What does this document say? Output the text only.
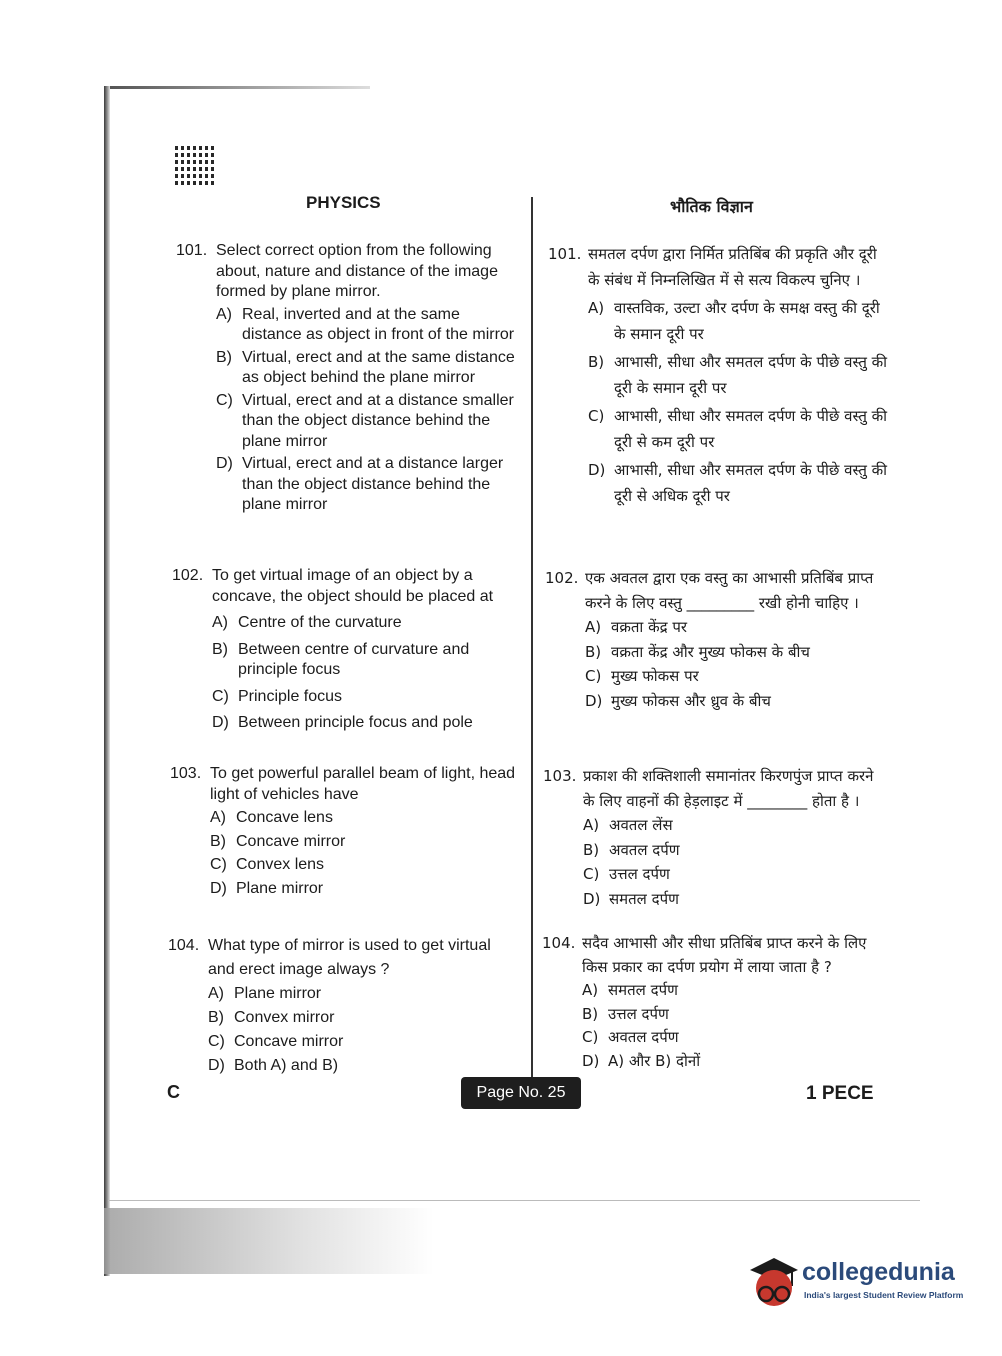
PHYSICS	भौतिक विज्ञान
101. Select correct option from the following about, nature and distance of the image formed by plane mirror.
A) Real, inverted and at the same distance as object in front of the mirror
B) Virtual, erect and at the same distance as object behind the plane mirror
C) Virtual, erect and at a distance smaller than the object distance behind the plane mirror
D) Virtual, erect and at a distance larger than the object distance behind the plane mirror
102. To get virtual image of an object by a concave, the object should be placed at
A) Centre of the curvature
B) Between centre of curvature and principle focus
C) Principle focus
D) Between principle focus and pole
103. To get powerful parallel beam of light, head light of vehicles have
A) Concave lens
B) Concave mirror
C) Convex lens
D) Plane mirror
104. What type of mirror is used to get virtual and erect image always ?
A) Plane mirror
B) Convex mirror
C) Concave mirror
D) Both A) and B)
101. समतल दर्पण द्वारा निर्मित प्रतिबिंब की प्रकृति और दूरी के संबंध में निम्नलिखित में से सत्य विकल्प चुनिए ।
A) वास्तविक, उल्टा और दर्पण के समक्ष वस्तु की दूरी के समान दूरी पर
B) आभासी, सीधा और समतल दर्पण के पीछे वस्तु की दूरी के समान दूरी पर
C) आभासी, सीधा और समतल दर्पण के पीछे वस्तु की दूरी से कम दूरी पर
D) आभासी, सीधा और समतल दर्पण के पीछे वस्तु की दूरी से अधिक दूरी पर
102. एक अवतल द्वारा एक वस्तु का आभासी प्रतिबिंब प्राप्त करने के लिए वस्तु _________ रखी होनी चाहिए ।
A) वक्रता केंद्र पर
B) वक्रता केंद्र और मुख्य फोकस के बीच
C) मुख्य फोकस पर
D) मुख्य फोकस और ध्रुव के बीच
103. प्रकाश की शक्तिशाली समानांतर किरणपुंज प्राप्त करने के लिए वाहनों की हेड़लाइट में ________ होता है ।
A) अवतल लेंस
B) अवतल दर्पण
C) उत्तल दर्पण
D) समतल दर्पण
104. सदैव आभासी और सीधा प्रतिबिंब प्राप्त करने के लिए किस प्रकार का दर्पण प्रयोग में लाया जाता है ?
A) समतल दर्पण
B) उत्तल दर्पण
C) अवतल दर्पण
D) A) और B) दोनों
C	Page No. 25	1 PECE
collegedunia
India's largest Student Review Platform
